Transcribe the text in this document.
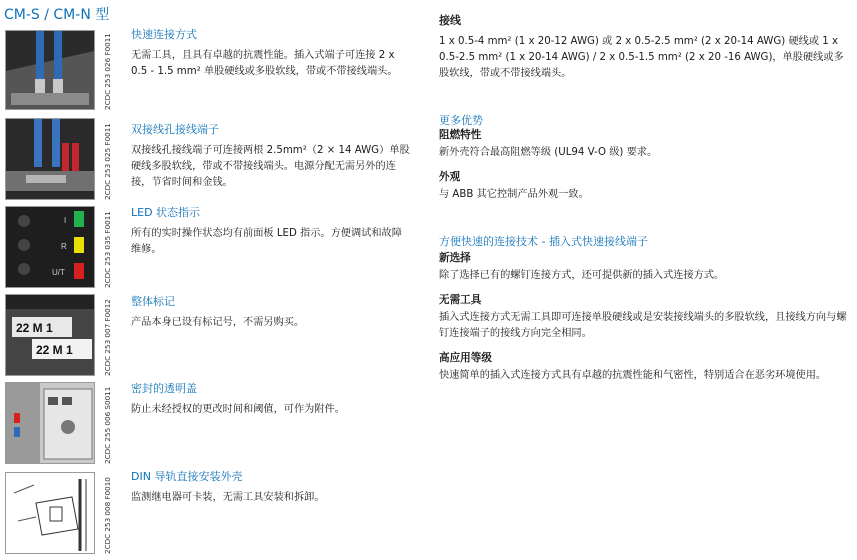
CM-S / CM-N 型
2CDC 253 026 F0011
2CDC 253 025 F0011
I
R
U/T	2CDC 253 035 F0011
22 M 1
22 M 1	2CDC 253 007 F0012
2CDC 255 006 S0011
2CDC 253 008 F0010
快速连接方式

无需工具，且具有卓越的抗震性能。插入式端子可连接 2 x 0.5 - 1.5 mm² 单股硬线或多股软线，带或不带接线端头。

双接线孔接线端子

双接线孔接线端子可连接两根 2.5mm²（2 × 14 AWG）单股硬线多股软线，带或不带接线端头。电源分配无需另外的连接，节省时间和金钱。

LED 状态指示

所有的实时操作状态均有前面板 LED 指示。方便调试和故障维修。

整体标记

产品本身已设有标记号，不需另购买。

密封的透明盖

防止未经授权的更改时间和阈值，可作为附件。

DIN 导轨直接安装外壳

监测继电器可卡装，无需工具安装和拆卸。

接线

1 x 0.5-4 mm² (1 x 20-12 AWG) 或 2 x 0.5-2.5 mm² (2 x 20-14 AWG) 硬线或 1 x 0.5-2.5 mm² (1 x 20-14 AWG) / 2 x 0.5-1.5 mm² (2 x 20 -16 AWG)，单股硬线或多股软线，带或不带接线端头。

更多优势
阻燃特性

新外壳符合最高阻燃等级 (UL94 V-O 级) 要求。

外观

与 ABB 其它控制产品外观一致。

方便快速的连接技术 - 插入式快速接线端子
新选择

除了选择已有的螺钉连接方式，还可提供新的插入式连接方式。

无需工具

插入式连接方式无需工具即可连接单股硬线或是安装接线端头的多股软线，且接线方向与螺钉连接端子的接线方向完全相同。

高应用等级

快速简单的插入式连接方式具有卓越的抗震性能和气密性，特别适合在恶劣环境使用。
